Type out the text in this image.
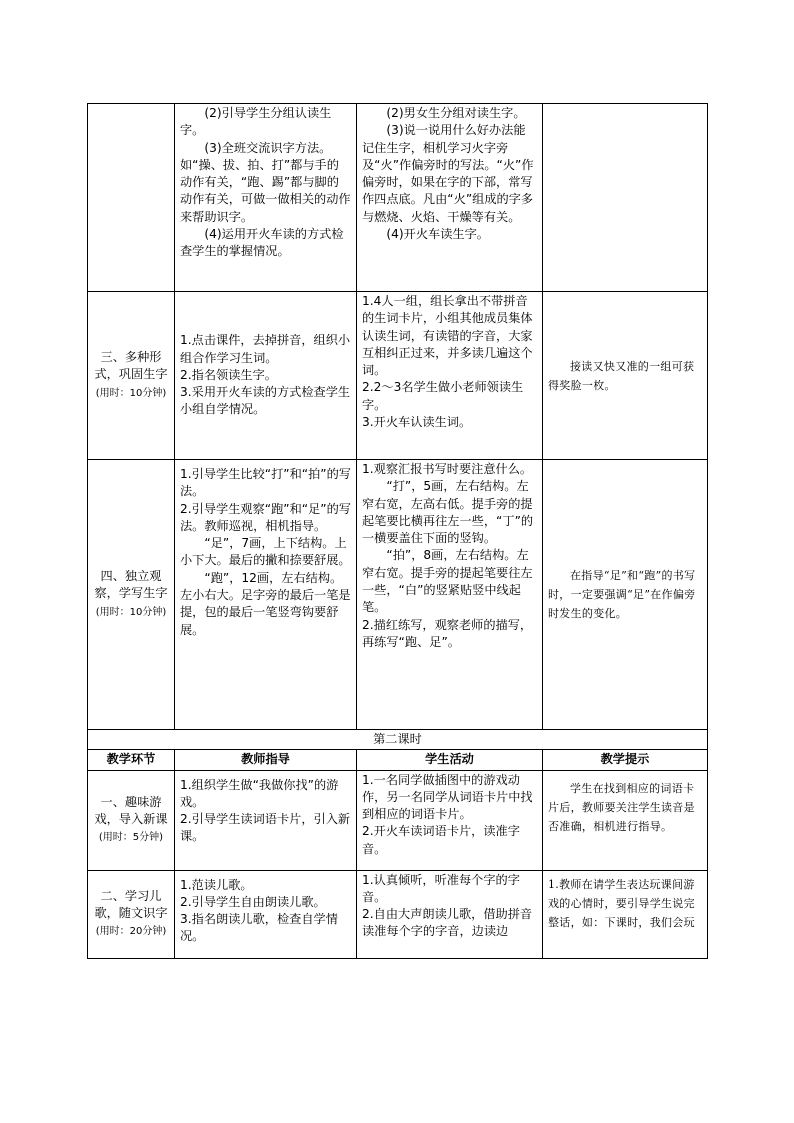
	(2)引导学生分组认读生字。
(3)全班交流识字方法。如“操、拔、拍、打”都与手的动作有关，“跑、踢”都与脚的动作有关，可做一做相关的动作来帮助识字。
(4)运用开火车读的方式检查学生的掌握情况。	(2)男女生分组对读生字。
(3)说一说用什么好办法能记住生字，相机学习火字旁及“火”作偏旁时的写法。“火”作偏旁时，如果在字的下部，常写作四点底。凡由“火”组成的字多与燃烧、火焰、干燥等有关。
(4)开火车读生字。	

三、多种形式，巩固生字(用时：10分钟)	1.点击课件，去掉拼音，组织小组合作学习生词。
2.指名领读生字。
3.采用开火车读的方式检查学生小组自学情况。	1.4人一组，组长拿出不带拼音的生词卡片，小组其他成员集体认读生词，有读错的字音，大家互相纠正过来，并多读几遍这个词。
2.2～3名学生做小老师领读生字。
3.开火车认读生词。	接读又快又准的一组可获得奖脸一枚。

四、独立观察，学写生字(用时：10分钟)	1.引导学生比较“打”和“拍”的写法。
2.引导学生观察“跑”和“足”的写法。教师巡视，相机指导。
“足”，7画，上下结构。上小下大。最后的撇和捺要舒展。
“跑”，12画，左右结构。左小右大。足字旁的最后一笔是提，包的最后一笔竖弯钩要舒展。	1.观察汇报书写时要注意什么。
“打”，5画，左右结构。左窄右宽，左高右低。提手旁的提起笔要比横再往左一些，“丁”的一横要盖住下面的竖钩。
“拍”，8画，左右结构。左窄右宽。提手旁的提起笔要往左一些，“白”的竖紧贴竖中线起笔。
2.描红练写，观察老师的描写，再练写“跑、足”。	在指导“足”和“跑”的书写时，一定要强调“足”在作偏旁时发生的变化。

第二课时			
教学环节	教师指导	学生活动	教学提示
一、趣味游戏，导入新课(用时：5分钟)	1.组织学生做“我做你找”的游戏。
2.引导学生读词语卡片，引入新课。	1.一名同学做插图中的游戏动作，另一名同学从词语卡片中找到相应的词语卡片。
2.开火车读词语卡片，读准字音。	学生在找到相应的词语卡片后，教师要关注学生读音是否准确，相机进行指导。

二、学习儿歌，随文识字(用时：20分钟)	1.范读儿歌。
2.引导学生自由朗读儿歌。
3.指名朗读儿歌，检查自学情况。	1.认真倾听，听准每个字的字音。
2.自由大声朗读儿歌，借助拼音读准每个字的字音，边读边	1.教师在请学生表达玩课间游戏的心情时，要引导学生说完整话，如：下课时，我们会玩
